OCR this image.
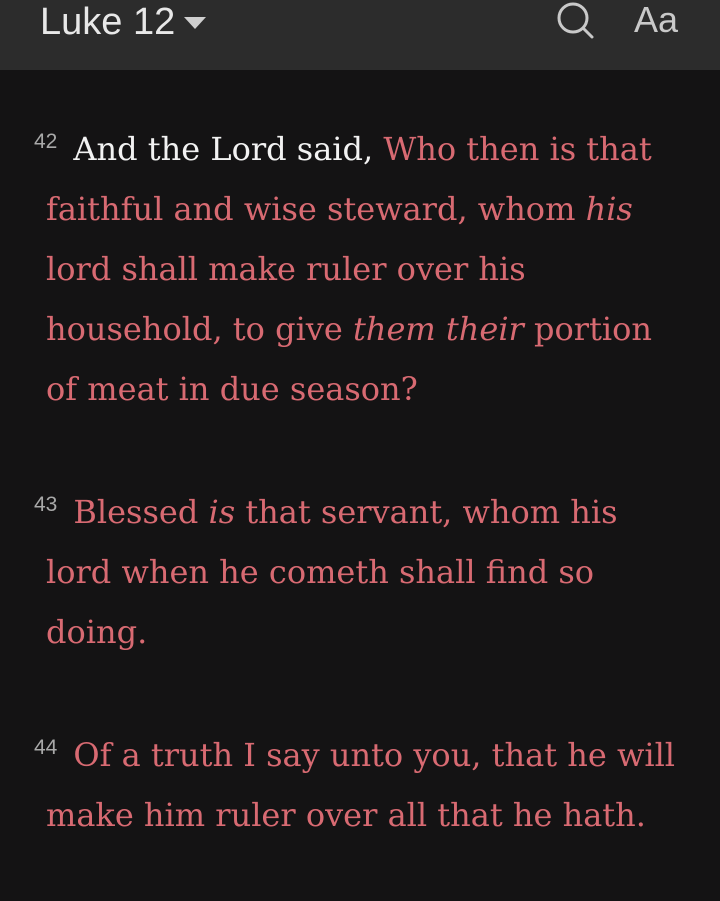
Luke 12	Aa

$^{42}$ And the Lord said, Who then is that faithful and wise steward, whom his lord shall make ruler over his household, to give them their portion of meat in due season?

$^{43}$ Blessed is that servant, whom his lord when he cometh shall find so doing.

$^{44}$ Of a truth I say unto you, that he will make him ruler over all that he hath.
